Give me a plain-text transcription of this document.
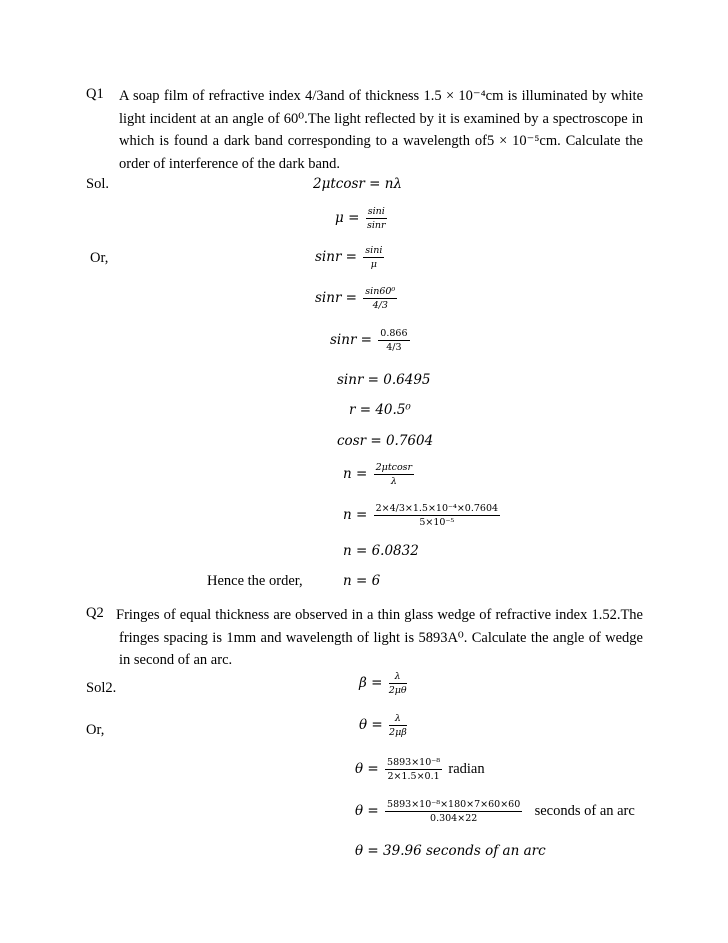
Q1 A soap film of refractive index 4/3and of thickness 1.5 × 10⁻⁴cm is illuminated by white
light incident at an angle of 60⁰.The light reflected by it is examined by a spectroscope in
which is found a dark band corresponding to a wavelength of5 × 10⁻⁵cm. Calculate the
order of interference of the dark band.
Sol.	2μtcosr = nλ
$\mu = \frac{\sin i}{\sin r}$
Or,	$\sin r = \frac{\sin i}{\mu}$
$\sin r = \frac{\text{sin60⁰}}{4/3}$
$\sin r = \frac{0.866}{4/3}$
sinr = 0.6495
r = 40.5⁰
cosr = 0.7604
$n = \frac{2\mu tcosr}{\lambda}$
$n = \frac{\text{2×4/3×1.5×10⁻⁴×0.7604}}{\text{5×10⁻⁵}}$
n = 6.0832
Hence the order,	n = 6
Q2 Fringes of equal thickness are observed in a thin glass wedge of refractive index 1.52.The
fringes spacing is 1mm and wavelength of light is 5893A⁰. Calculate the angle of wedge
in second of an arc.
Sol2.	$\beta = \frac{\lambda}{2\mu\theta}$
Or,	$\theta = \frac{\lambda}{2\mu\beta}$
$\theta = \frac{\text{5893×10⁻⁸}}{2\times 1.5\times 0.1}$ radian
$\theta = \frac{\text{5893×10⁻⁸×180×7×60×60}}{0.304\times 22}$ seconds of an arc
θ = 39.96 seconds of an arc
